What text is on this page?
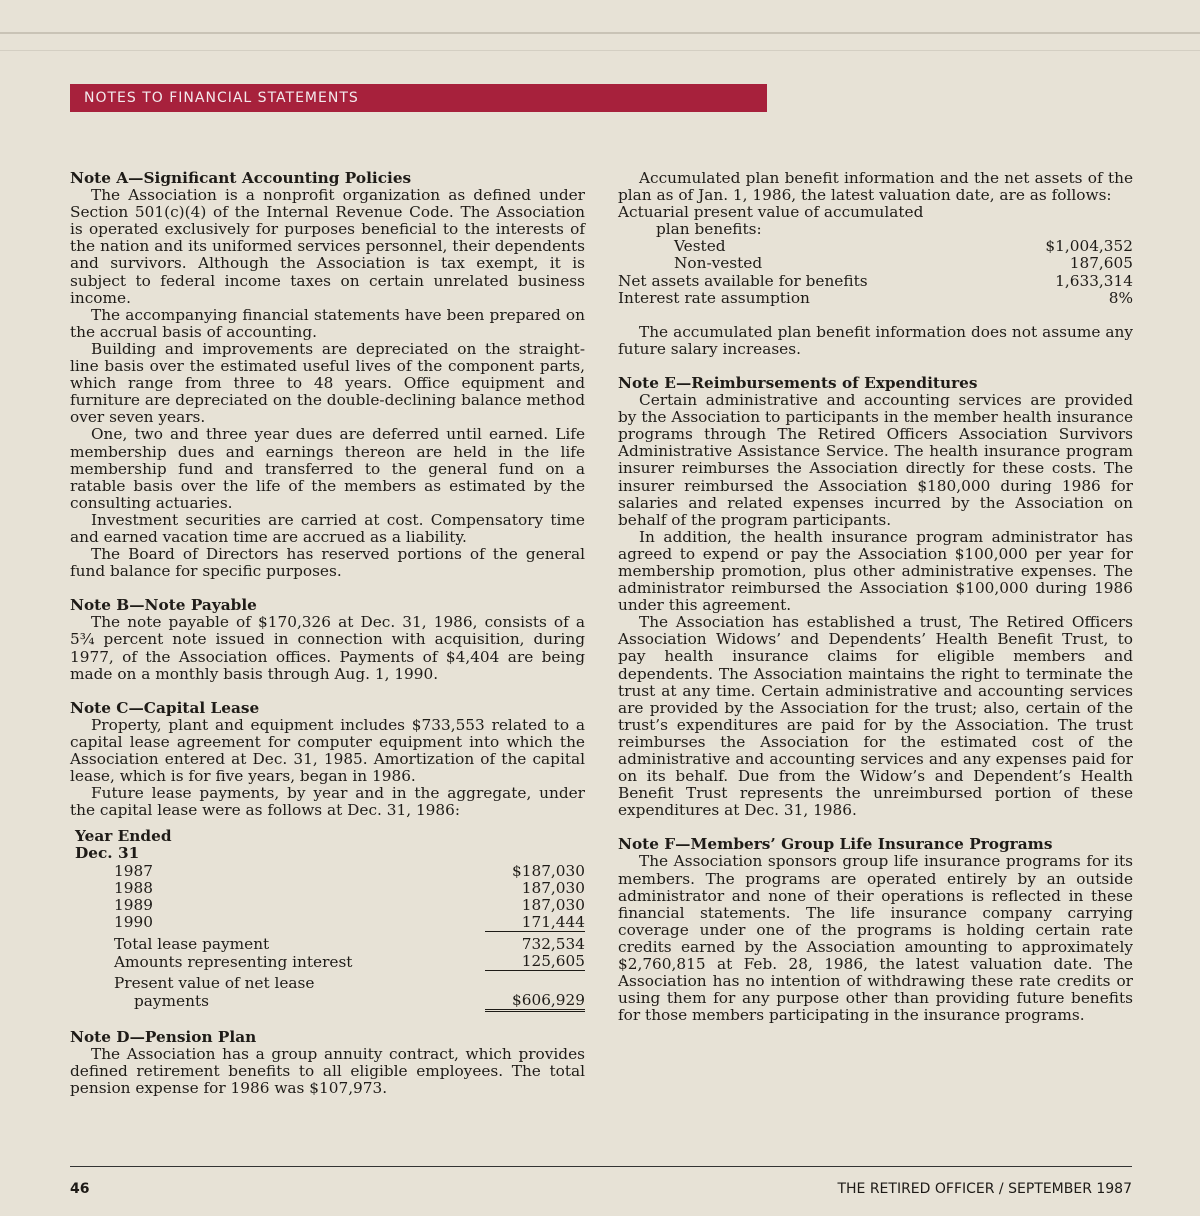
NOTES TO FINANCIAL STATEMENTS
Note A—Significant Accounting Policies

The Association is a nonprofit organization as defined under Section 501(c)(4) of the Internal Revenue Code. The Association is operated exclusively for purposes beneficial to the interests of the nation and its uniformed services personnel, their dependents and survivors. Although the Association is tax exempt, it is subject to federal income taxes on certain unrelated business income.

The accompanying financial statements have been prepared on the accrual basis of accounting.

Building and improvements are depreciated on the straight-line basis over the estimated useful lives of the component parts, which range from three to 48 years. Office equipment and furniture are depreciated on the double-declining balance method over seven years.

One, two and three year dues are deferred until earned. Life membership dues and earnings thereon are held in the life membership fund and transferred to the general fund on a ratable basis over the life of the members as estimated by the consulting actuaries.

Investment securities are carried at cost. Compensatory time and earned vacation time are accrued as a liability.

The Board of Directors has reserved portions of the general fund balance for specific purposes.

Note B—Note Payable

The note payable of $170,326 at Dec. 31, 1986, consists of a 5¾ percent note issued in connection with acquisition, during 1977, of the Association offices. Payments of $4,404 are being made on a monthly basis through Aug. 1, 1990.

Note C—Capital Lease

Property, plant and equipment includes $733,553 related to a capital lease agreement for computer equipment into which the Association entered at Dec. 31, 1985. Amortization of the capital lease, which is for five years, began in 1986.

Future lease payments, by year and in the aggregate, under the capital lease were as follows at Dec. 31, 1986:

Year Ended
Dec. 31
1987	$187,030
1988	187,030
1989	187,030
1990	171,444
Total lease payment	732,534
Amounts representing interest	125,605
Present value of net lease	
payments	$606,929
Note D—Pension Plan

The Association has a group annuity contract, which provides defined retirement benefits to all eligible employees. The total pension expense for 1986 was $107,973.

Accumulated plan benefit information and the net assets of the plan as of Jan. 1, 1986, the latest valuation date, are as follows:

Actuarial present value of accumulated	
plan benefits:	
Vested	$1,004,352
Non-vested	187,605
Net assets available for benefits	1,633,314
Interest rate assumption	8%

The accumulated plan benefit information does not assume any future salary increases.

Note E—Reimbursements of Expenditures

Certain administrative and accounting services are provided by the Association to participants in the member health insurance programs through The Retired Officers Association Survivors Administrative Assistance Service. The health insurance program insurer reimburses the Association directly for these costs. The insurer reimbursed the Association $180,000 during 1986 for salaries and related expenses incurred by the Association on behalf of the program participants.

In addition, the health insurance program administrator has agreed to expend or pay the Association $100,000 per year for membership promotion, plus other administrative expenses. The administrator reimbursed the Association $100,000 during 1986 under this agreement.

The Association has established a trust, The Retired Officers Association Widows’ and Dependents’ Health Benefit Trust, to pay health insurance claims for eligible members and dependents. The Association maintains the right to terminate the trust at any time. Certain administrative and accounting services are provided by the Association for the trust; also, certain of the trust’s expenditures are paid for by the Association. The trust reimburses the Association for the estimated cost of the administrative and accounting services and any expenses paid for on its behalf. Due from the Widow’s and Dependent’s Health Benefit Trust represents the unreimbursed portion of these expenditures at Dec. 31, 1986.

Note F—Members’ Group Life Insurance Programs

The Association sponsors group life insurance programs for its members. The programs are operated entirely by an outside administrator and none of their operations is reflected in these financial statements. The life insurance company carrying coverage under one of the programs is holding certain rate credits earned by the Association amounting to approximately $2,760,815 at Feb. 28, 1986, the latest valuation date. The Association has no intention of withdrawing these rate credits or using them for any purpose other than providing future benefits for those members participating in the insurance programs.

46	THE RETIRED OFFICER / SEPTEMBER 1987
